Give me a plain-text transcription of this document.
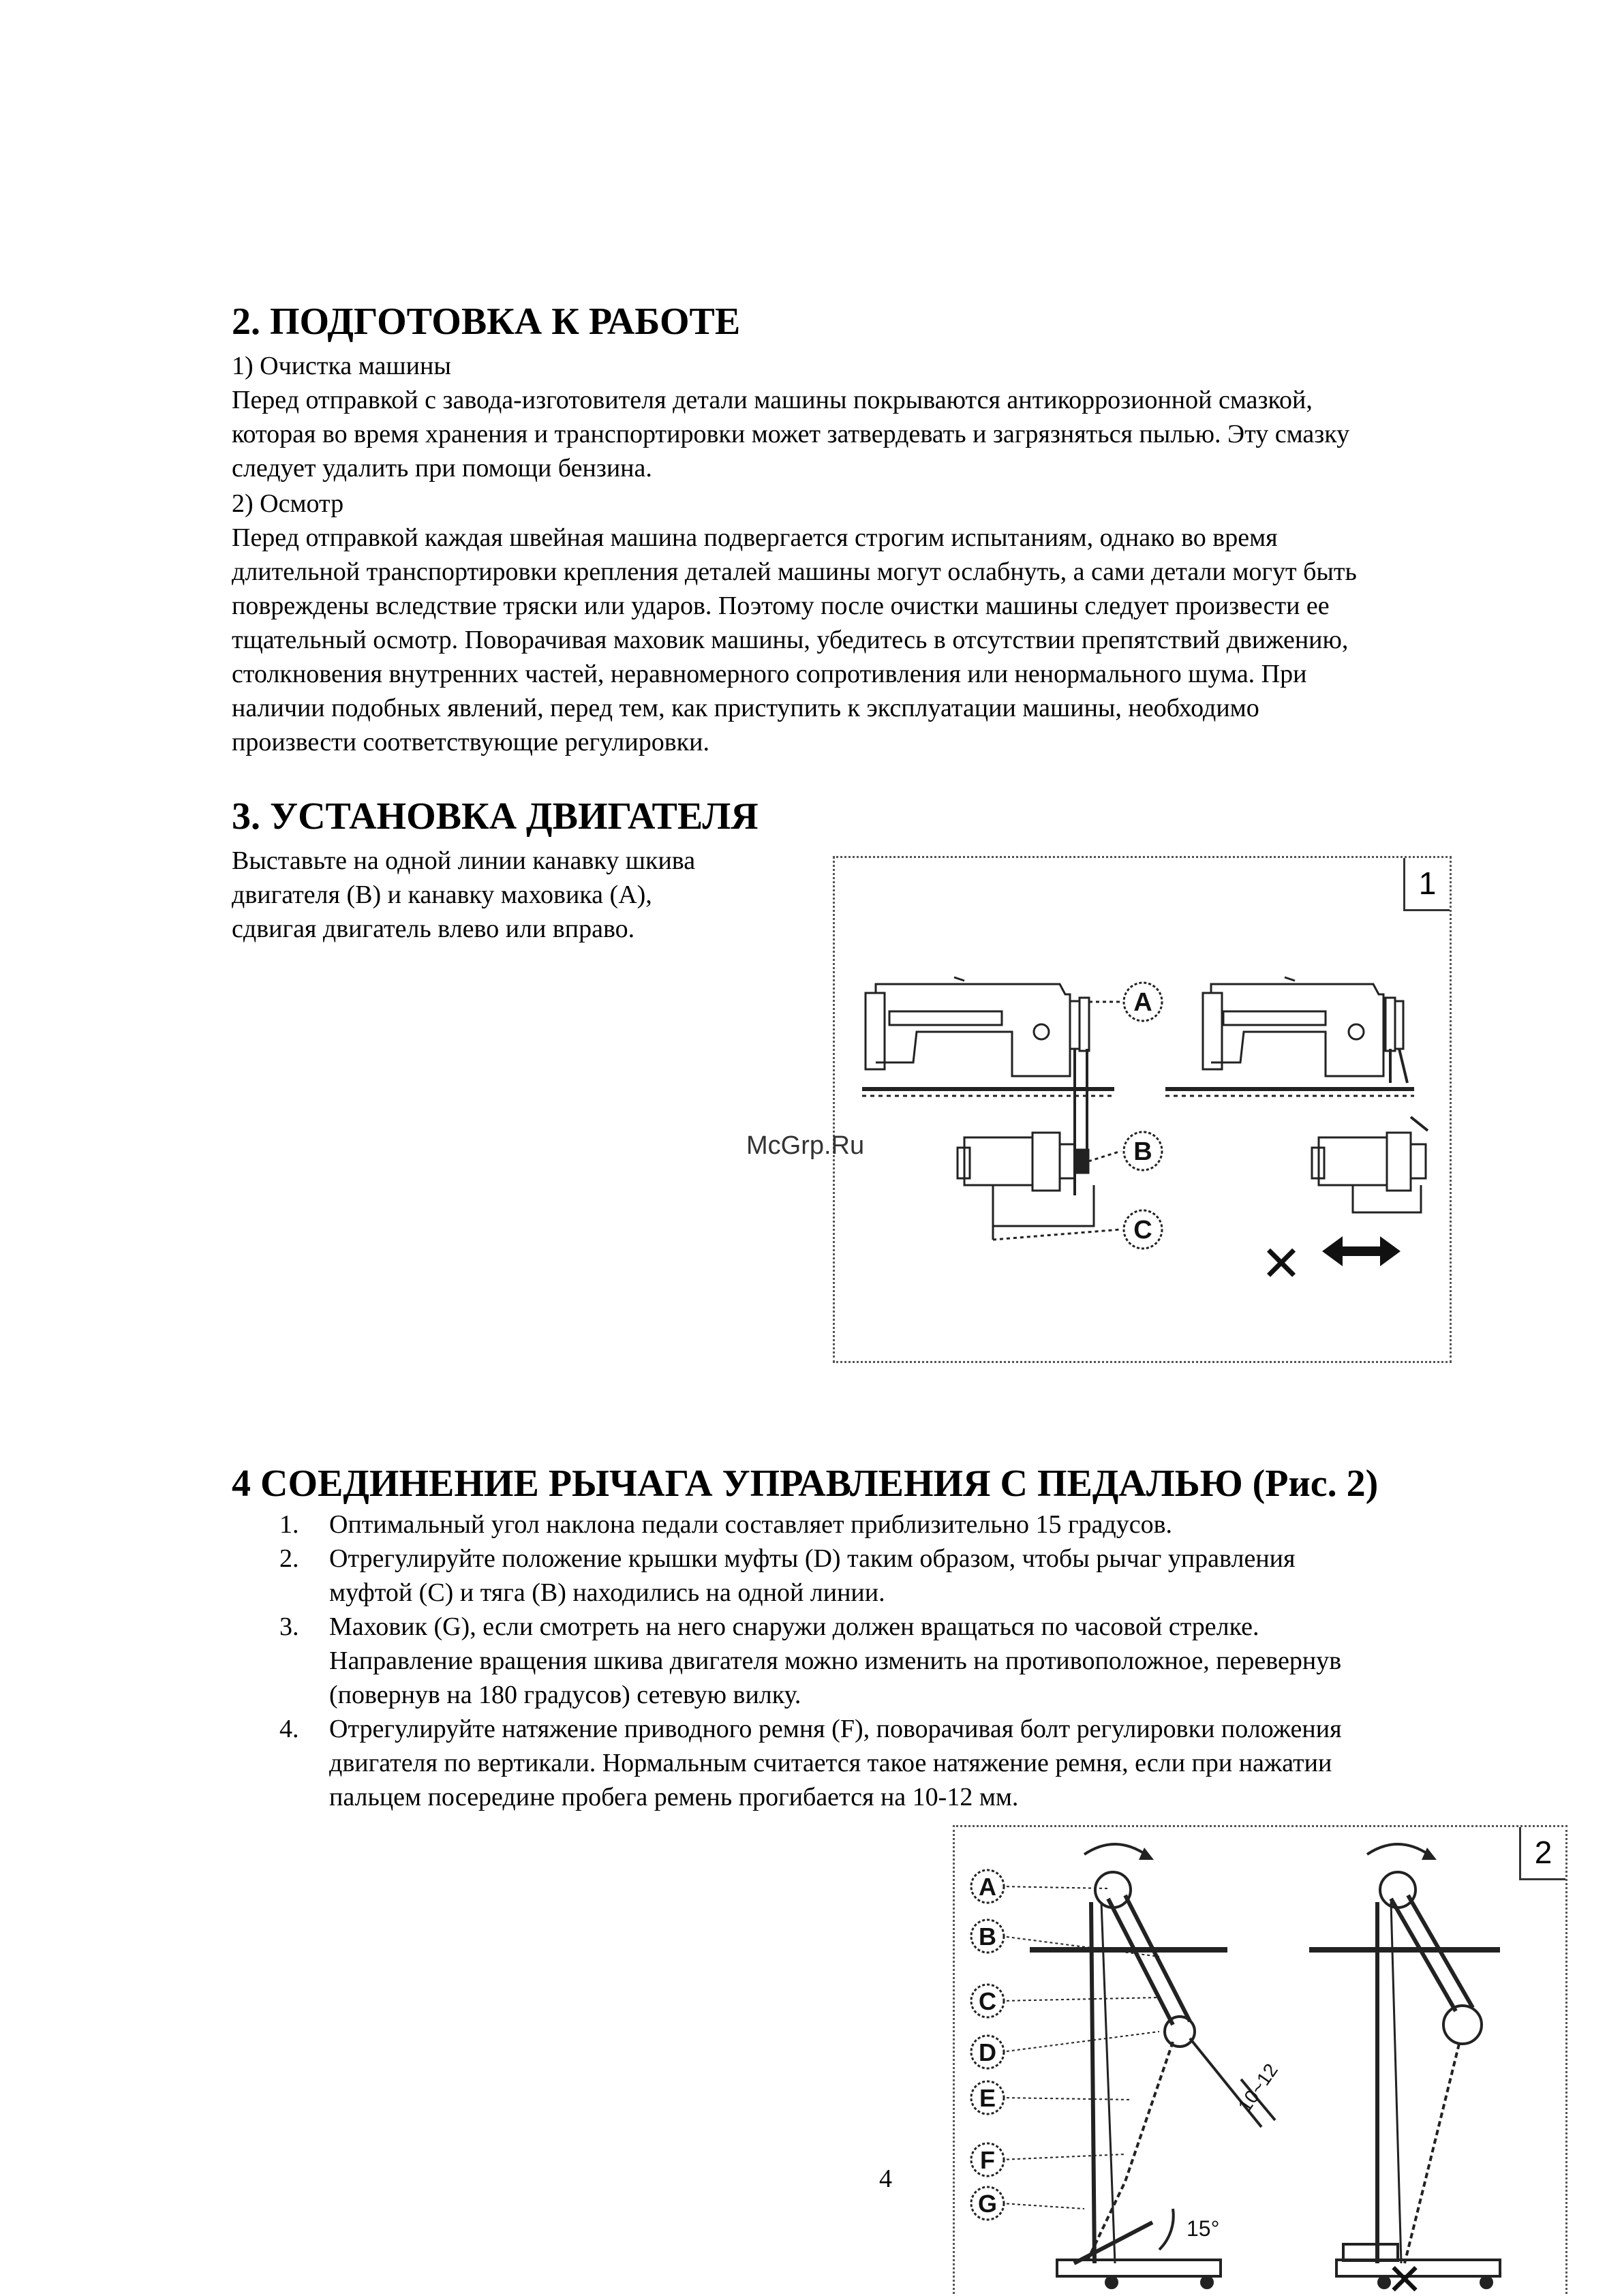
2. ПОДГОТОВКА К РАБОТЕ
1) Очистка машины
Перед отправкой с завода-изготовителя детали машины покрываются антикоррозионной смазкой,
которая во время хранения и транспортировки может затвердевать и загрязняться пылью. Эту смазку
следует удалить при помощи бензина.
2) Осмотр
Перед отправкой каждая швейная машина подвергается строгим испытаниям, однако во время
длительной транспортировки крепления деталей машины могут ослабнуть, а сами детали могут быть
повреждены вследствие тряски или ударов. Поэтому после очистки машины следует произвести ее
тщательный осмотр. Поворачивая маховик машины, убедитесь в отсутствии препятствий движению,
столкновения внутренних частей, неравномерного сопротивления или ненормального шума. При
наличии подобных явлений, перед тем, как приступить к эксплуатации машины, необходимо
произвести соответствующие регулировки.
3. УСТАНОВКА ДВИГАТЕЛЯ
Выставьте на одной линии канавку шкива
двигателя (B) и канавку маховика (A),
сдвигая двигатель влево или вправо.
1
A
B
C
✕
McGrp.Ru
4 СОЕДИНЕНИЕ РЫЧАГА УПРАВЛЕНИЯ С ПЕДАЛЬЮ (Рис. 2)
1. Оптимальный угол наклона педали составляет приблизительно 15 градусов.
2. Отрегулируйте положение крышки муфты (D) таким образом, чтобы рычаг управления
муфтой (C) и тяга (B) находились на одной линии.
3. Маховик (G), если смотреть на него снаружи должен вращаться по часовой стрелке.
Направление вращения шкива двигателя можно изменить на противоположное, перевернув
(повернув на 180 градусов) сетевую вилку.
4. Отрегулируйте натяжение приводного ремня (F), поворачивая болт регулировки положения
двигателя по вертикали. Нормальным считается такое натяжение ремня, если при нажатии
пальцем посередине пробега ремень прогибается на 10-12 мм.
2
A
B
C
D
E
F
G
10~12
15°
✕
4
